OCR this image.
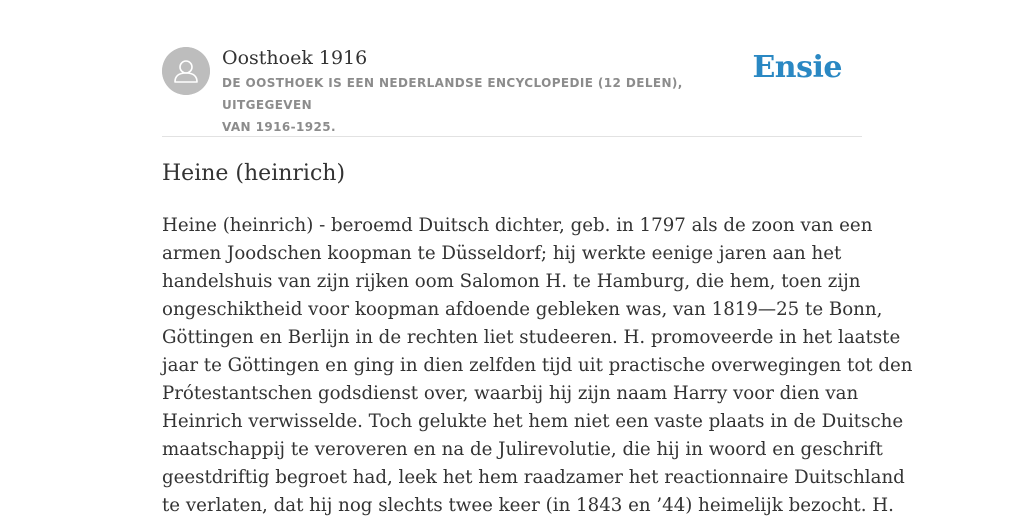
Oosthoek 1916
DE OOSTHOEK IS EEN NEDERLANDSE ENCYCLOPEDIE (12 DELEN), UITGEGEVEN
VAN 1916-1925.
Ensie
Heine (heinrich)
Heine (heinrich) - beroemd Duitsch dichter, geb. in 1797 als de zoon van een
armen Joodschen koopman te Düsseldorf; hij werkte eenige jaren aan het
handelshuis van zijn rijken oom Salomon H. te Hamburg, die hem, toen zijn
ongeschiktheid voor koopman afdoende gebleken was, van 1819—25 te Bonn,
Göttingen en Berlijn in de rechten liet studeeren. H. promoveerde in het laatste
jaar te Göttingen en ging in dien zelfden tijd uit practische overwegingen tot den
Prótestantschen godsdienst over, waarbij hij zijn naam Harry voor dien van
Heinrich verwisselde. Toch gelukte het hem niet een vaste plaats in de Duitsche
maatschappij te veroveren en na de Julirevolutie, die hij in woord en geschrift
geestdriftig begroet had, leek het hem raadzamer het reactionnaire Duitschland
te verlaten, dat hij nog slechts twee keer (in 1843 en ’44) heimelijk bezocht. H.
